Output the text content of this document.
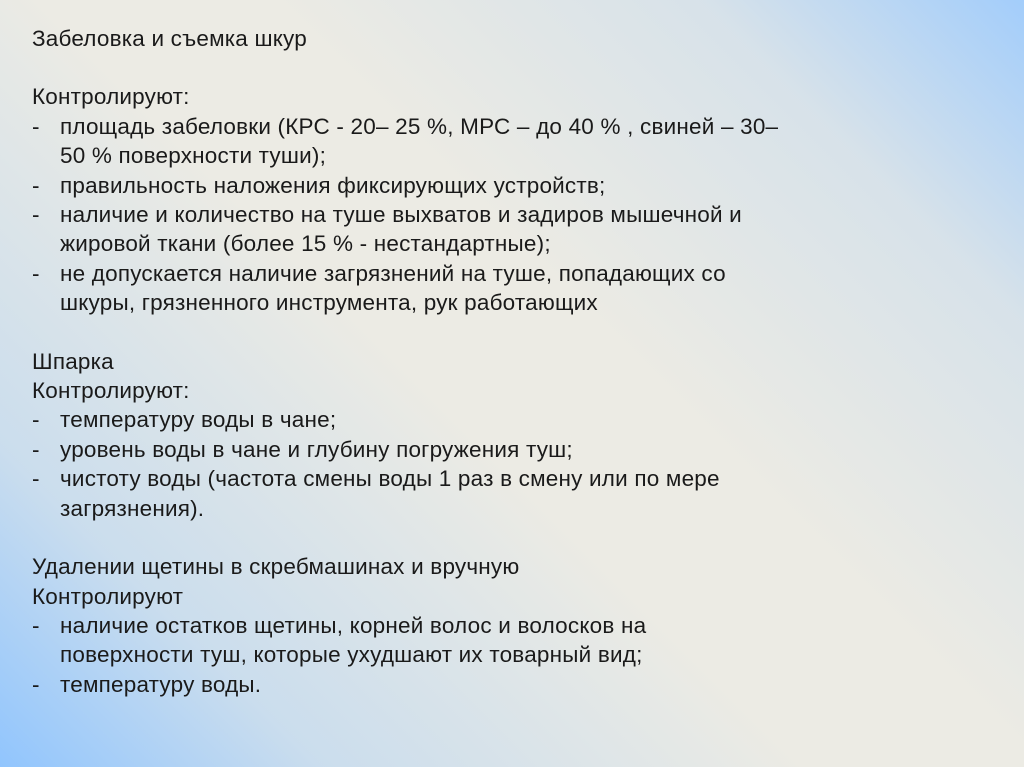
Забеловка и съемка шкур
Контролируют:
- площадь забеловки (КРС - 20– 25 %, МРС – до 40 % , свиней – 30–
50 % поверхности туши);
- правильность наложения фиксирующих устройств;
- наличие и количество на туше выхватов и задиров мышечной и
жировой ткани (более 15 % - нестандартные);
- не допускается наличие загрязнений на туше, попадающих со
шкуры, грязненного инструмента, рук работающих
Шпарка
Контролируют:
- температуру воды в чане;
- уровень воды в чане и глубину погружения туш;
- чистоту воды (частота смены воды 1 раз в смену или по мере
загрязнения).
Удалении щетины в скребмашинах и вручную
Контролируют
- наличие остатков щетины, корней волос и волосков на
поверхности туш, которые ухудшают их товарный вид;
- температуру воды.
